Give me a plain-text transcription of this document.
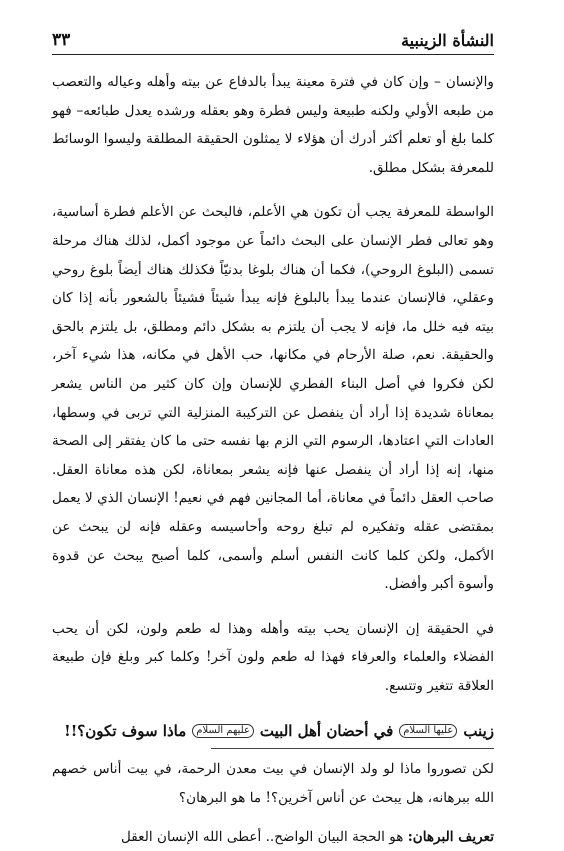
النشأة الزينبية
٣٣

والإنسان – وإن كان في فترة معينة يبدأ بالدفاع عن بيته وأهله وعياله والتعصب من طبعه الأولي ولكنه طبيعة وليس فطرة وهو بعقله ورشده يعدل طبائعه– فهو كلما بلغ أو تعلم أكثر أدرك أن هؤلاء لا يمثلون الحقيقة المطلقة وليسوا الوسائط للمعرفة بشكل مطلق.

الواسطة للمعرفة يجب أن تكون هي الأعلم، فالبحث عن الأعلم فطرة أساسية، وهو تعالى فطر الإنسان على البحث دائماً عن موجود أكمل، لذلك هناك مرحلة تسمى (البلوغ الروحي)، فكما أن هناك بلوغا بدنيّاً فكذلك هناك أيضاً بلوغ روحي وعقلي، فالإنسان عندما يبدأ بالبلوغ فإنه يبدأ شيئاً فشيئاً بالشعور بأنه إذا كان بيته فيه خلل ما، فإنه لا يجب أن يلتزم به بشكل دائم ومطلق، بل يلتزم بالحق والحقيقة. نعم، صلة الأرحام في مكانها، حب الأهل في مكانه، هذا شيء آخر، لكن فكروا في أصل البناء الفطري للإنسان وإن كان كثير من الناس يشعر بمعاناة شديدة إذا أراد أن ينفصل عن التركيبة المنزلية التي تربى في وسطها، العادات التي اعتادها، الرسوم التي الزم بها نفسه حتى ما كان يفتقر إلى الصحة منها، إنه إذا أراد أن ينفصل عنها فإنه يشعر بمعاناة، لكن هذه معاناة العقل. صاحب العقل دائماً في معاناة، أما المجانين فهم في نعيم! الإنسان الذي لا يعمل بمقتضى عقله وتفكيره لم تبلغ روحه وأحاسيسه وعقله فإنه لن يبحث عن الأكمل، ولكن كلما كانت النفس أسلم وأسمى، كلما أصبح يبحث عن قدوة وأسوة أكبر وأفضل.

في الحقيقة إن الإنسان يحب بيته وأهله وهذا له طعم ولون، لكن أن يحب الفضلاء والعلماء والعرفاء فهذا له طعم ولون آخر! وكلما كبر وبلغ فإن طبيعة العلاقة تتغير وتتسع.

زينب
عليها السلام
في أحضان أهل البيت
عليهم السلام
ماذا سوف تكون؟!!

لكن تصوروا ماذا لو ولد الإنسان في بيت معدن الرحمة، في بيت أناس خصهم الله ببرهانه، هل يبحث عن أناس آخرين؟! ما هو البرهان؟

تعريف البرهان: هو الحجة البيان الواضح.. أعطى الله الإنسان العقل
